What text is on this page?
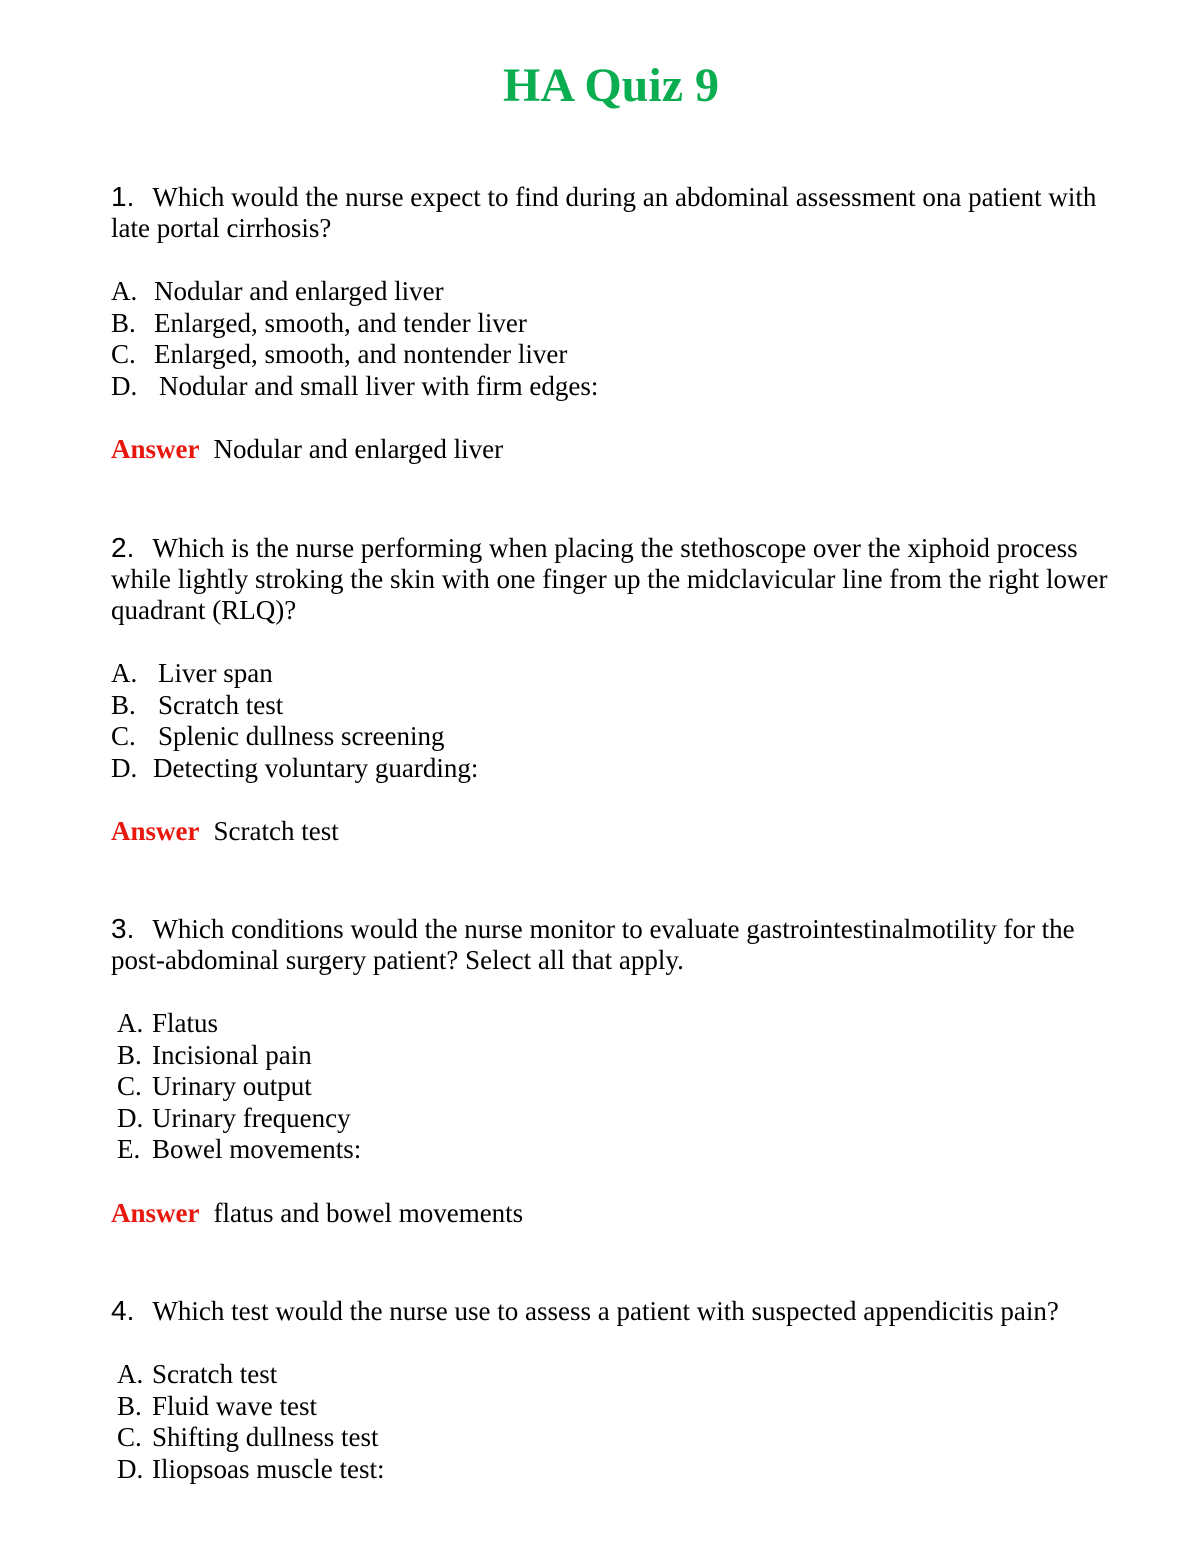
HA Quiz 9

1. Which would the nurse expect to find during an abdominal assessment ona patient with late portal cirrhosis?

A. Nodular and enlarged liver
B. Enlarged, smooth, and tender liver
C. Enlarged, smooth, and nontender liver
D. Nodular and small liver with firm edges:
Answer Nodular and enlarged liver

2. Which is the nurse performing when placing the stethoscope over the xiphoid process while lightly stroking the skin with one finger up the midclavicular line from the right lower quadrant (RLQ)?

A. Liver span
B. Scratch test
C. Splenic dullness screening
D. Detecting voluntary guarding:
Answer Scratch test

3. Which conditions would the nurse monitor to evaluate gastrointestinalmotility for the post-abdominal surgery patient? Select all that apply.

A. Flatus
B. Incisional pain
C. Urinary output
D. Urinary frequency
E. Bowel movements:
Answer flatus and bowel movements

4. Which test would the nurse use to assess a patient with suspected appendicitis pain?

A. Scratch test
B. Fluid wave test
C. Shifting dullness test
D. Iliopsoas muscle test:
